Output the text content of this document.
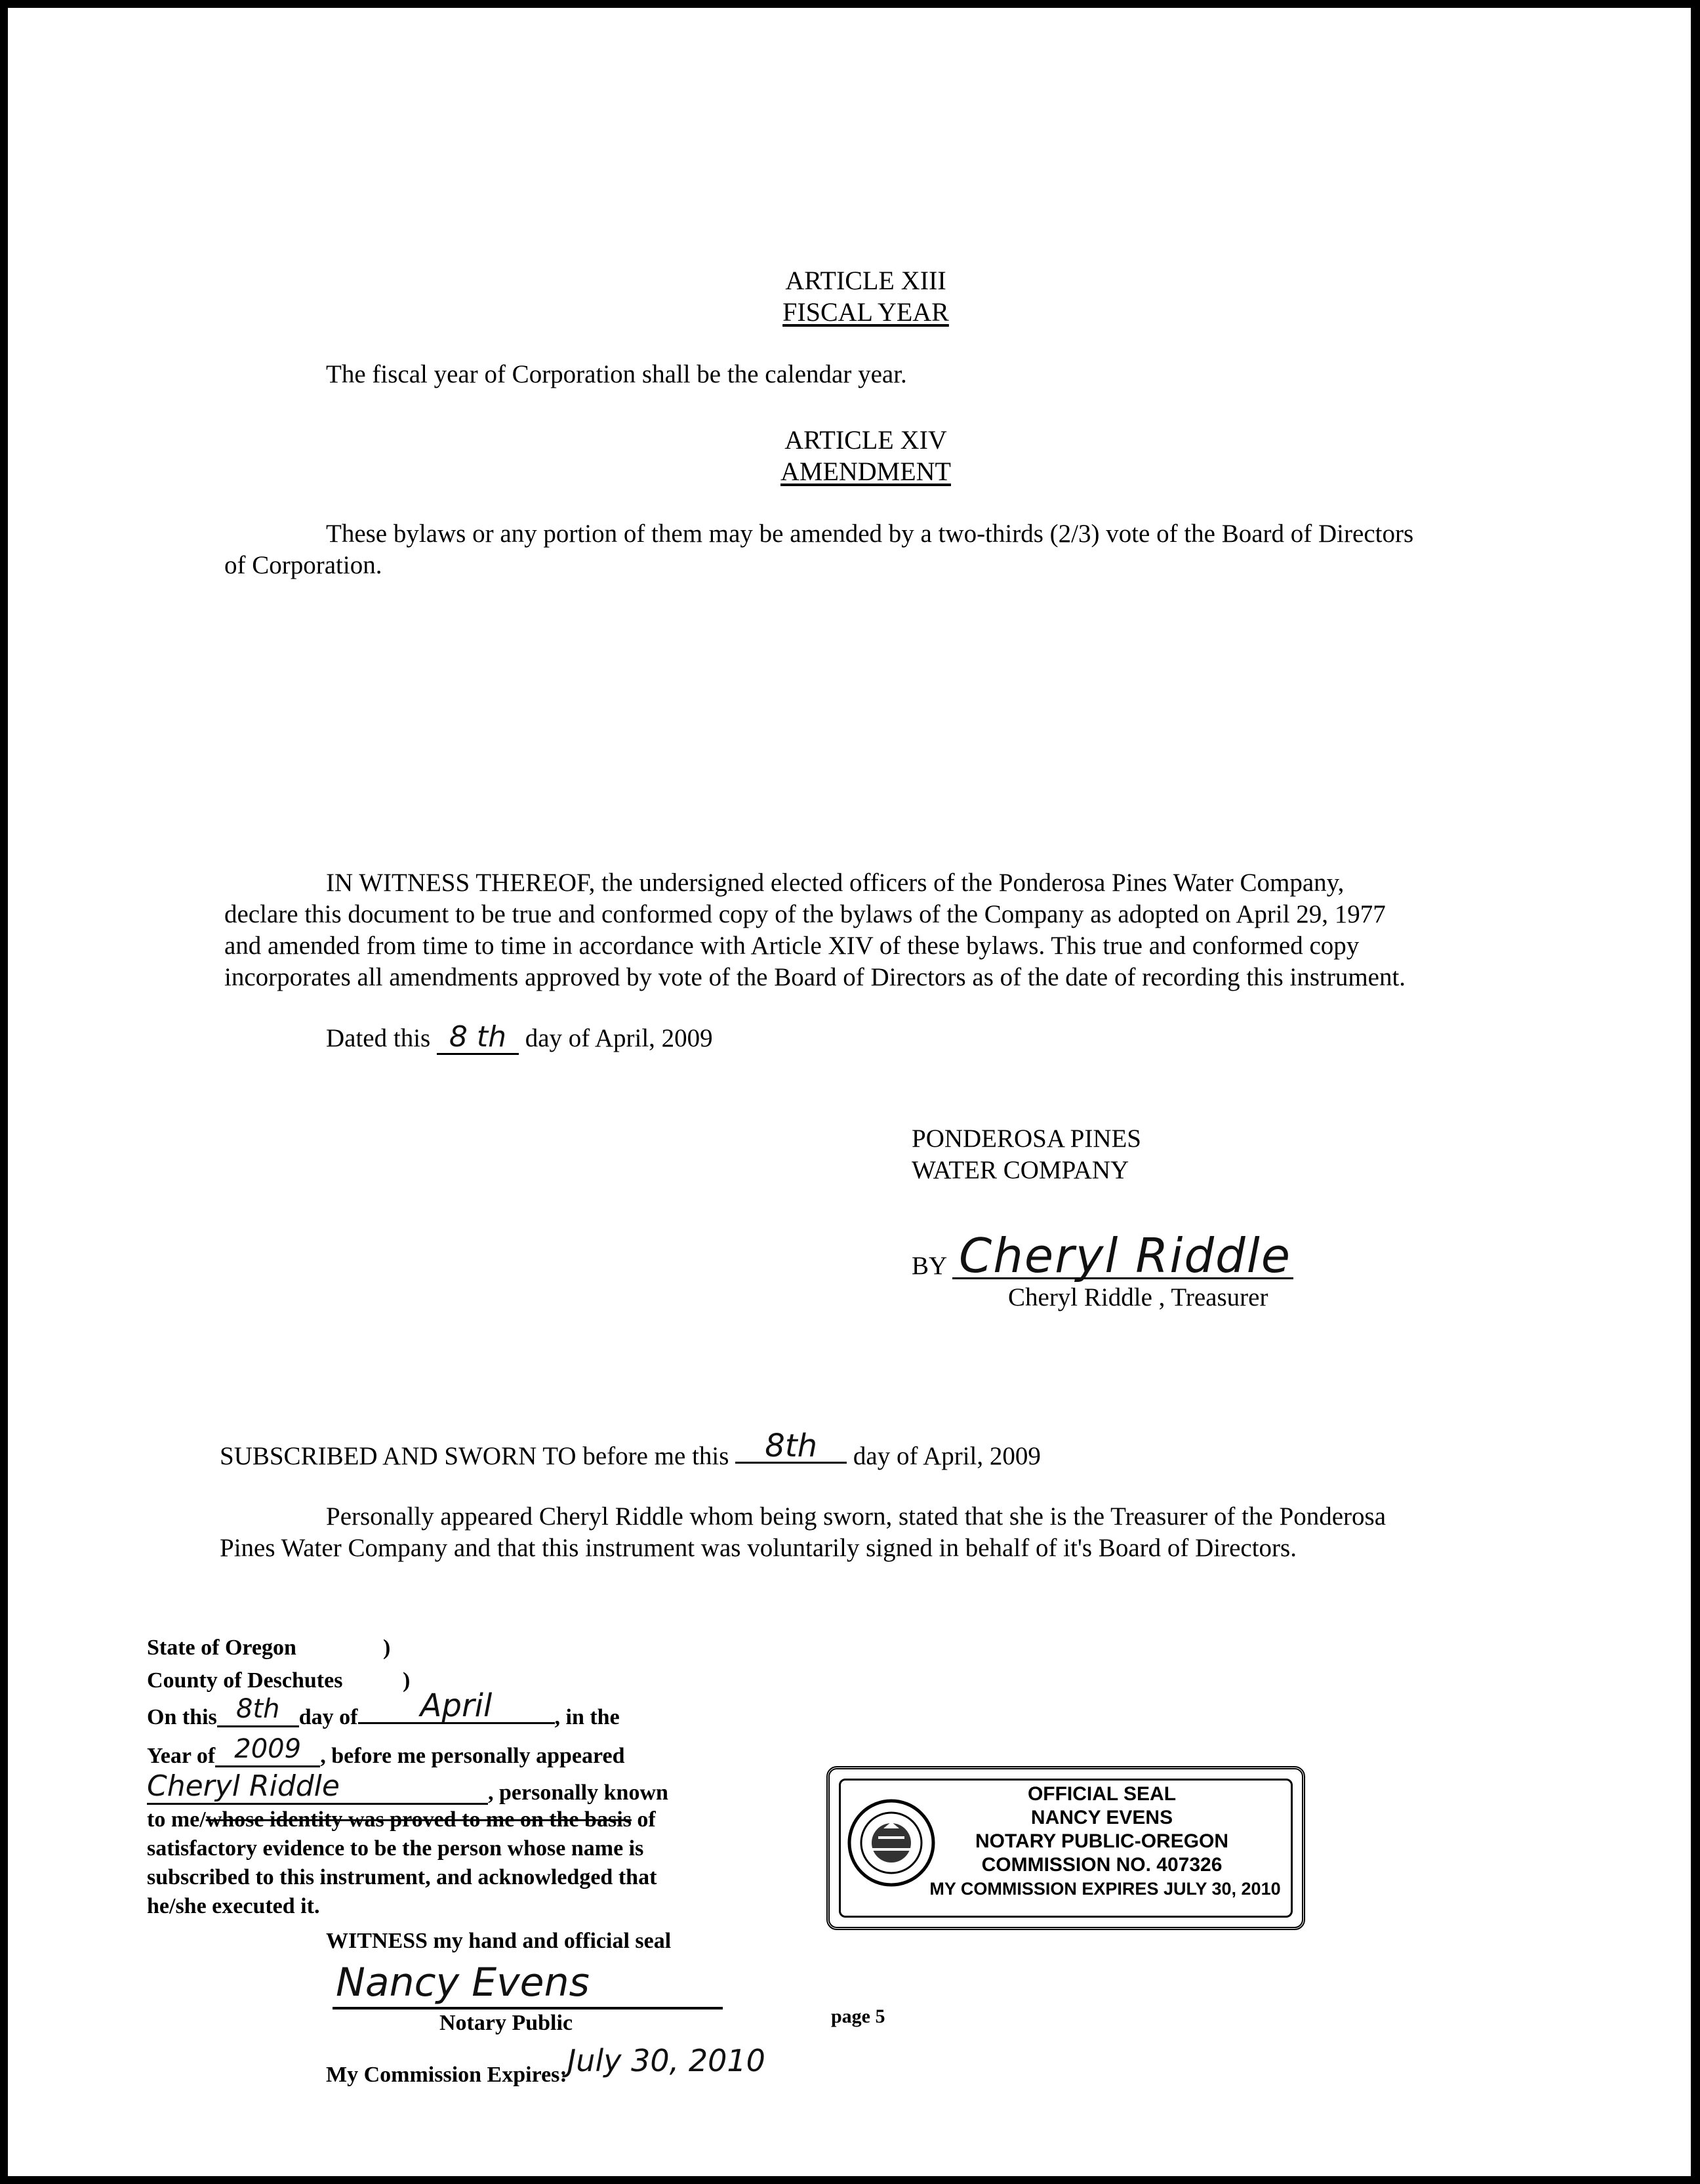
ARTICLE XIII
FISCAL YEAR
The fiscal year of Corporation shall be the calendar year.
ARTICLE XIV
AMENDMENT
These bylaws or any portion of them may be amended by a two-thirds (2/3) vote of the Board of Directors
of Corporation.
IN WITNESS THEREOF, the undersigned elected officers of the Ponderosa Pines Water Company,
declare this document to be true and conformed copy of the bylaws of the Company as adopted on April 29, 1977
and amended from time to time in accordance with Article XIV of these bylaws. This true and conformed copy
incorporates all amendments approved by vote of the Board of Directors as of the date of recording this instrument.
Dated this 8 th day of April, 2009
PONDEROSA PINES
WATER COMPANY
BY Cheryl Riddle
Cheryl Riddle , Treasurer
SUBSCRIBED AND SWORN TO before me this 8th day of April, 2009
Personally appeared Cheryl Riddle whom being sworn, stated that she is the Treasurer of the Ponderosa
Pines Water Company and that this instrument was voluntarily signed in behalf of it's Board of Directors.
State of Oregon	)
County of Deschutes	)
On this 8th day of April	, in the
Year of 2009 , before me personally appeared
Cheryl Riddle	, personally known
to me/whose identity was proved to me on the basis of
satisfactory evidence to be the person whose name is
subscribed to this instrument, and acknowledged that
he/she executed it.
WITNESS my hand and official seal
Nancy Evens
Notary Public
My Commission Expires:July 30, 2010
OFFICIAL SEAL
NANCY EVENS
NOTARY PUBLIC-OREGON
COMMISSION NO. 407326
MY COMMISSION EXPIRES JULY 30, 2010
page 5
